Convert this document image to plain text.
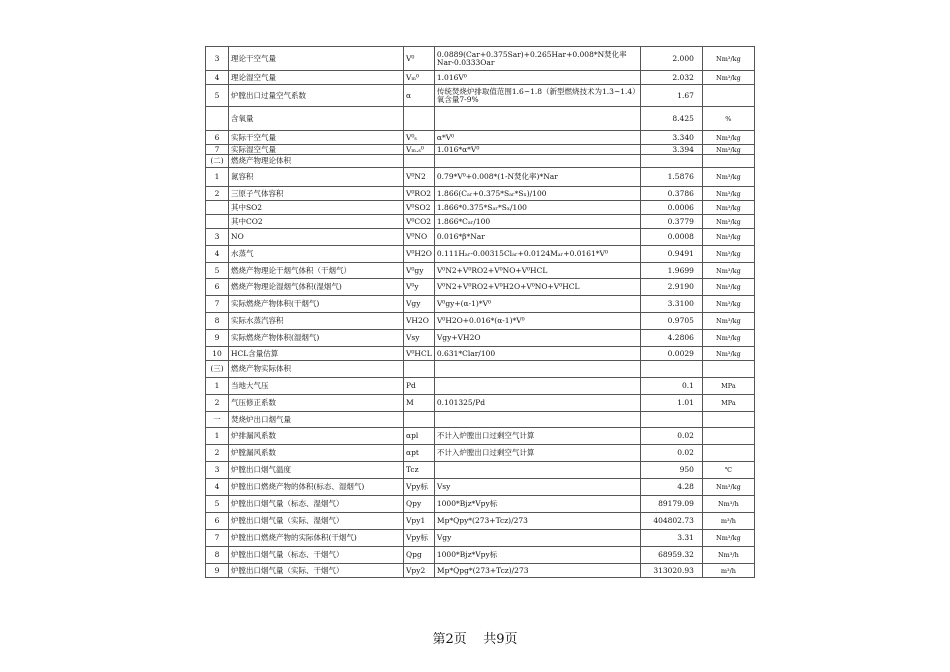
3	理论干空气量	V⁰	0.0889(Car+0.375Sar)+0.265Har+0.008*N焚化率Nar-0.0333Oar	2.000	Nm³/kg
4	理论湿空气量	Vₘ⁰	1.016V⁰	2.032	Nm³/kg
5	炉膛出口过量空气系数	α	传统焚烧炉排取值范围1.6~1.8（新型燃烧技术为1.3~1.4）氧含量7-9%	1.67	
	含氧量			8.425	%
6	实际干空气量	V⁰ₛ	α*V⁰	3.340	Nm³/kg
7	实际湿空气量	Vₘ.ₛ⁰	1.016*α*V⁰	3.394	Nm³/kg
(二)	燃烧产物理论体积				
1	氮容积	V⁰N2	0.79*V⁰+0.008*(1-N焚化率)*Nar	1.5876	Nm³/kg
2	三原子气体容积	V⁰RO2	1.866(Cₐᵣ+0.375*Sₐᵣ*Sₓ)/100	0.3786	Nm³/kg
	其中SO2	V⁰SO2	1.866*0.375*Sₐᵣ*Sₓ/100	0.0006	Nm³/kg
	其中CO2	V⁰CO2	1.866*Cₐᵣ/100	0.3779	Nm³/kg
3	NO	V⁰NO	0.016*β*Nar	0.0008	Nm³/kg
4	水蒸气	V⁰H2O	0.111Hₐᵣ-0.00315Clₐᵣ+0.0124Mₐᵣ+0.0161*V⁰	0.9491	Nm³/kg
5	燃烧产物理论干烟气体积（干烟气）	V⁰gy	V⁰N2+V⁰RO2+V⁰NO+V⁰HCL	1.9699	Nm³/kg
6	燃烧产物理论湿烟气体积(湿烟气)	V⁰y	V⁰N2+V⁰RO2+V⁰H2O+V⁰NO+V⁰HCL	2.9190	Nm³/kg
7	实际燃烧产物体积(干烟气)	Vgy	V⁰gy+(α-1)*V⁰	3.3100	Nm³/kg
8	实际水蒸汽容积	VH2O	V⁰H2O+0.016*(α-1)*V⁰	0.9705	Nm³/kg
9	实际燃烧产物体积(湿烟气)	Vsy	Vgy+VH2O	4.2806	Nm³/kg
10	HCL含量估算	V⁰HCL	0.631*Clar/100	0.0029	Nm³/kg
(三)	燃烧产物实际体积				
1	当地大气压	Pd		0.1	MPa
2	气压修正系数	M	0.101325/Pd	1.01	MPa
一	焚烧炉出口烟气量				
1	炉排漏风系数	αpl	不计入炉膛出口过剩空气计算	0.02	
2	炉膛漏风系数	αpt	不计入炉膛出口过剩空气计算	0.02	
3	炉膛出口烟气温度	Tcz		950	℃
4	炉膛出口燃烧产物的体积(标态、湿烟气)	Vpy标	Vsy	4.28	Nm³/kg
5	炉膛出口烟气量（标态、湿烟气）	Qpy	1000*Bjz*Vpy标	89179.09	Nm³/h
6	炉膛出口烟气量（实际、湿烟气）	Vpy1	Mp*Qpy*(273+Tcz)/273	404802.73	m³/h
7	炉膛出口燃烧产物的实际体积(干烟气)	Vpy标	Vgy	3.31	Nm³/kg
8	炉膛出口烟气量（标态、干烟气）	Qpg	1000*Bjz*Vpy标	68959.32	Nm³/h
9	炉膛出口烟气量（实际、干烟气）	Vpy2	Mp*Qpg*(273+Tcz)/273	313020.93	m³/h
第2页 共9页
